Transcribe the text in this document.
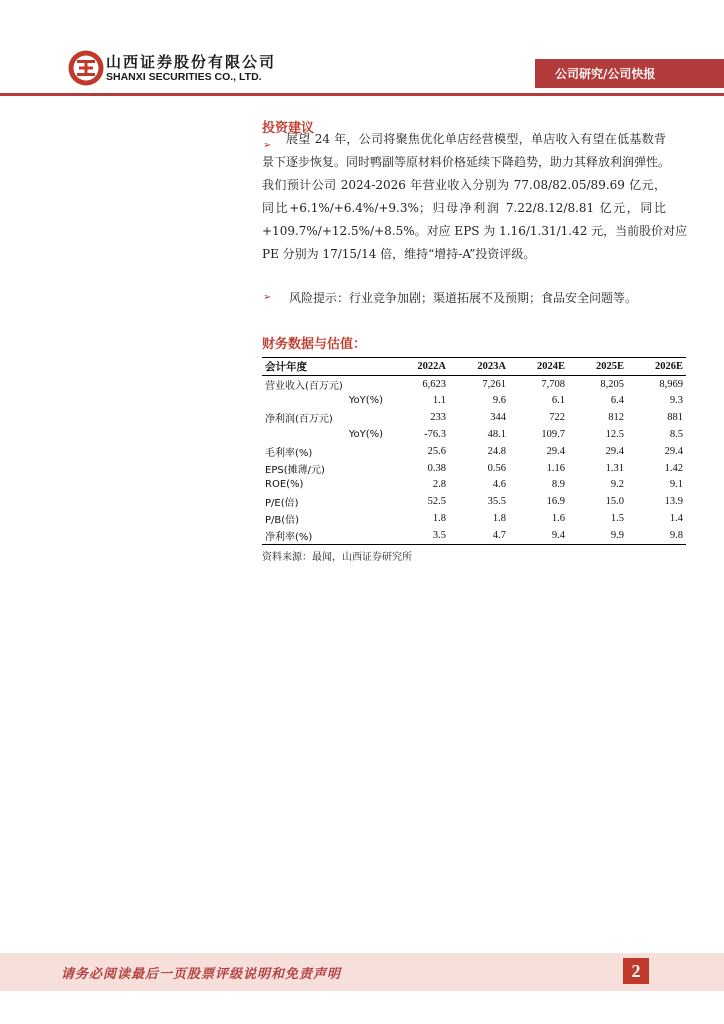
山西证券股份有限公司
SHANXI SECURITIES CO., LTD.	公司研究/公司快报
投资建议
➢	展望 24 年，公司将聚焦优化单店经营模型，单店收入有望在低基数背

景下逐步恢复。同时鸭副等原材料价格延续下降趋势，助力其释放利润弹性。

我们预计公司 2024-2026 年营业收入分别为 77.08/82.05/89.69 亿元，

同比+6.1%/+6.4%/+9.3%；归母净利润 7.22/8.12/8.81 亿元，同比

+109.7%/+12.5%/+8.5%。对应 EPS 为 1.16/1.31/1.42 元，当前股价对应

PE 分别为 17/15/14 倍，维持“增持-A”投资评级。

➢ 风险提示：行业竞争加剧；渠道拓展不及预期；食品安全问题等。
财务数据与估值：
会计年度	2022A	2023A	2024E	2025E	2026E
营业收入(百万元)	6,623	7,261	7,708	8,205	8,969
YoY(%)	1.1	9.6	6.1	6.4	9.3
净利润(百万元)	233	344	722	812	881
YoY(%)	-76.3	48.1	109.7	12.5	8.5
毛利率(%)	25.6	24.8	29.4	29.4	29.4
EPS(摊薄/元)	0.38	0.56	1.16	1.31	1.42
ROE(%)	2.8	4.6	8.9	9.2	9.1
P/E(倍)	52.5	35.5	16.9	15.0	13.9
P/B(倍)	1.8	1.8	1.6	1.5	1.4
净利率(%)	3.5	4.7	9.4	9.9	9.8
资料来源：最闻，山西证券研究所
请务必阅读最后一页股票评级说明和免责声明	2
